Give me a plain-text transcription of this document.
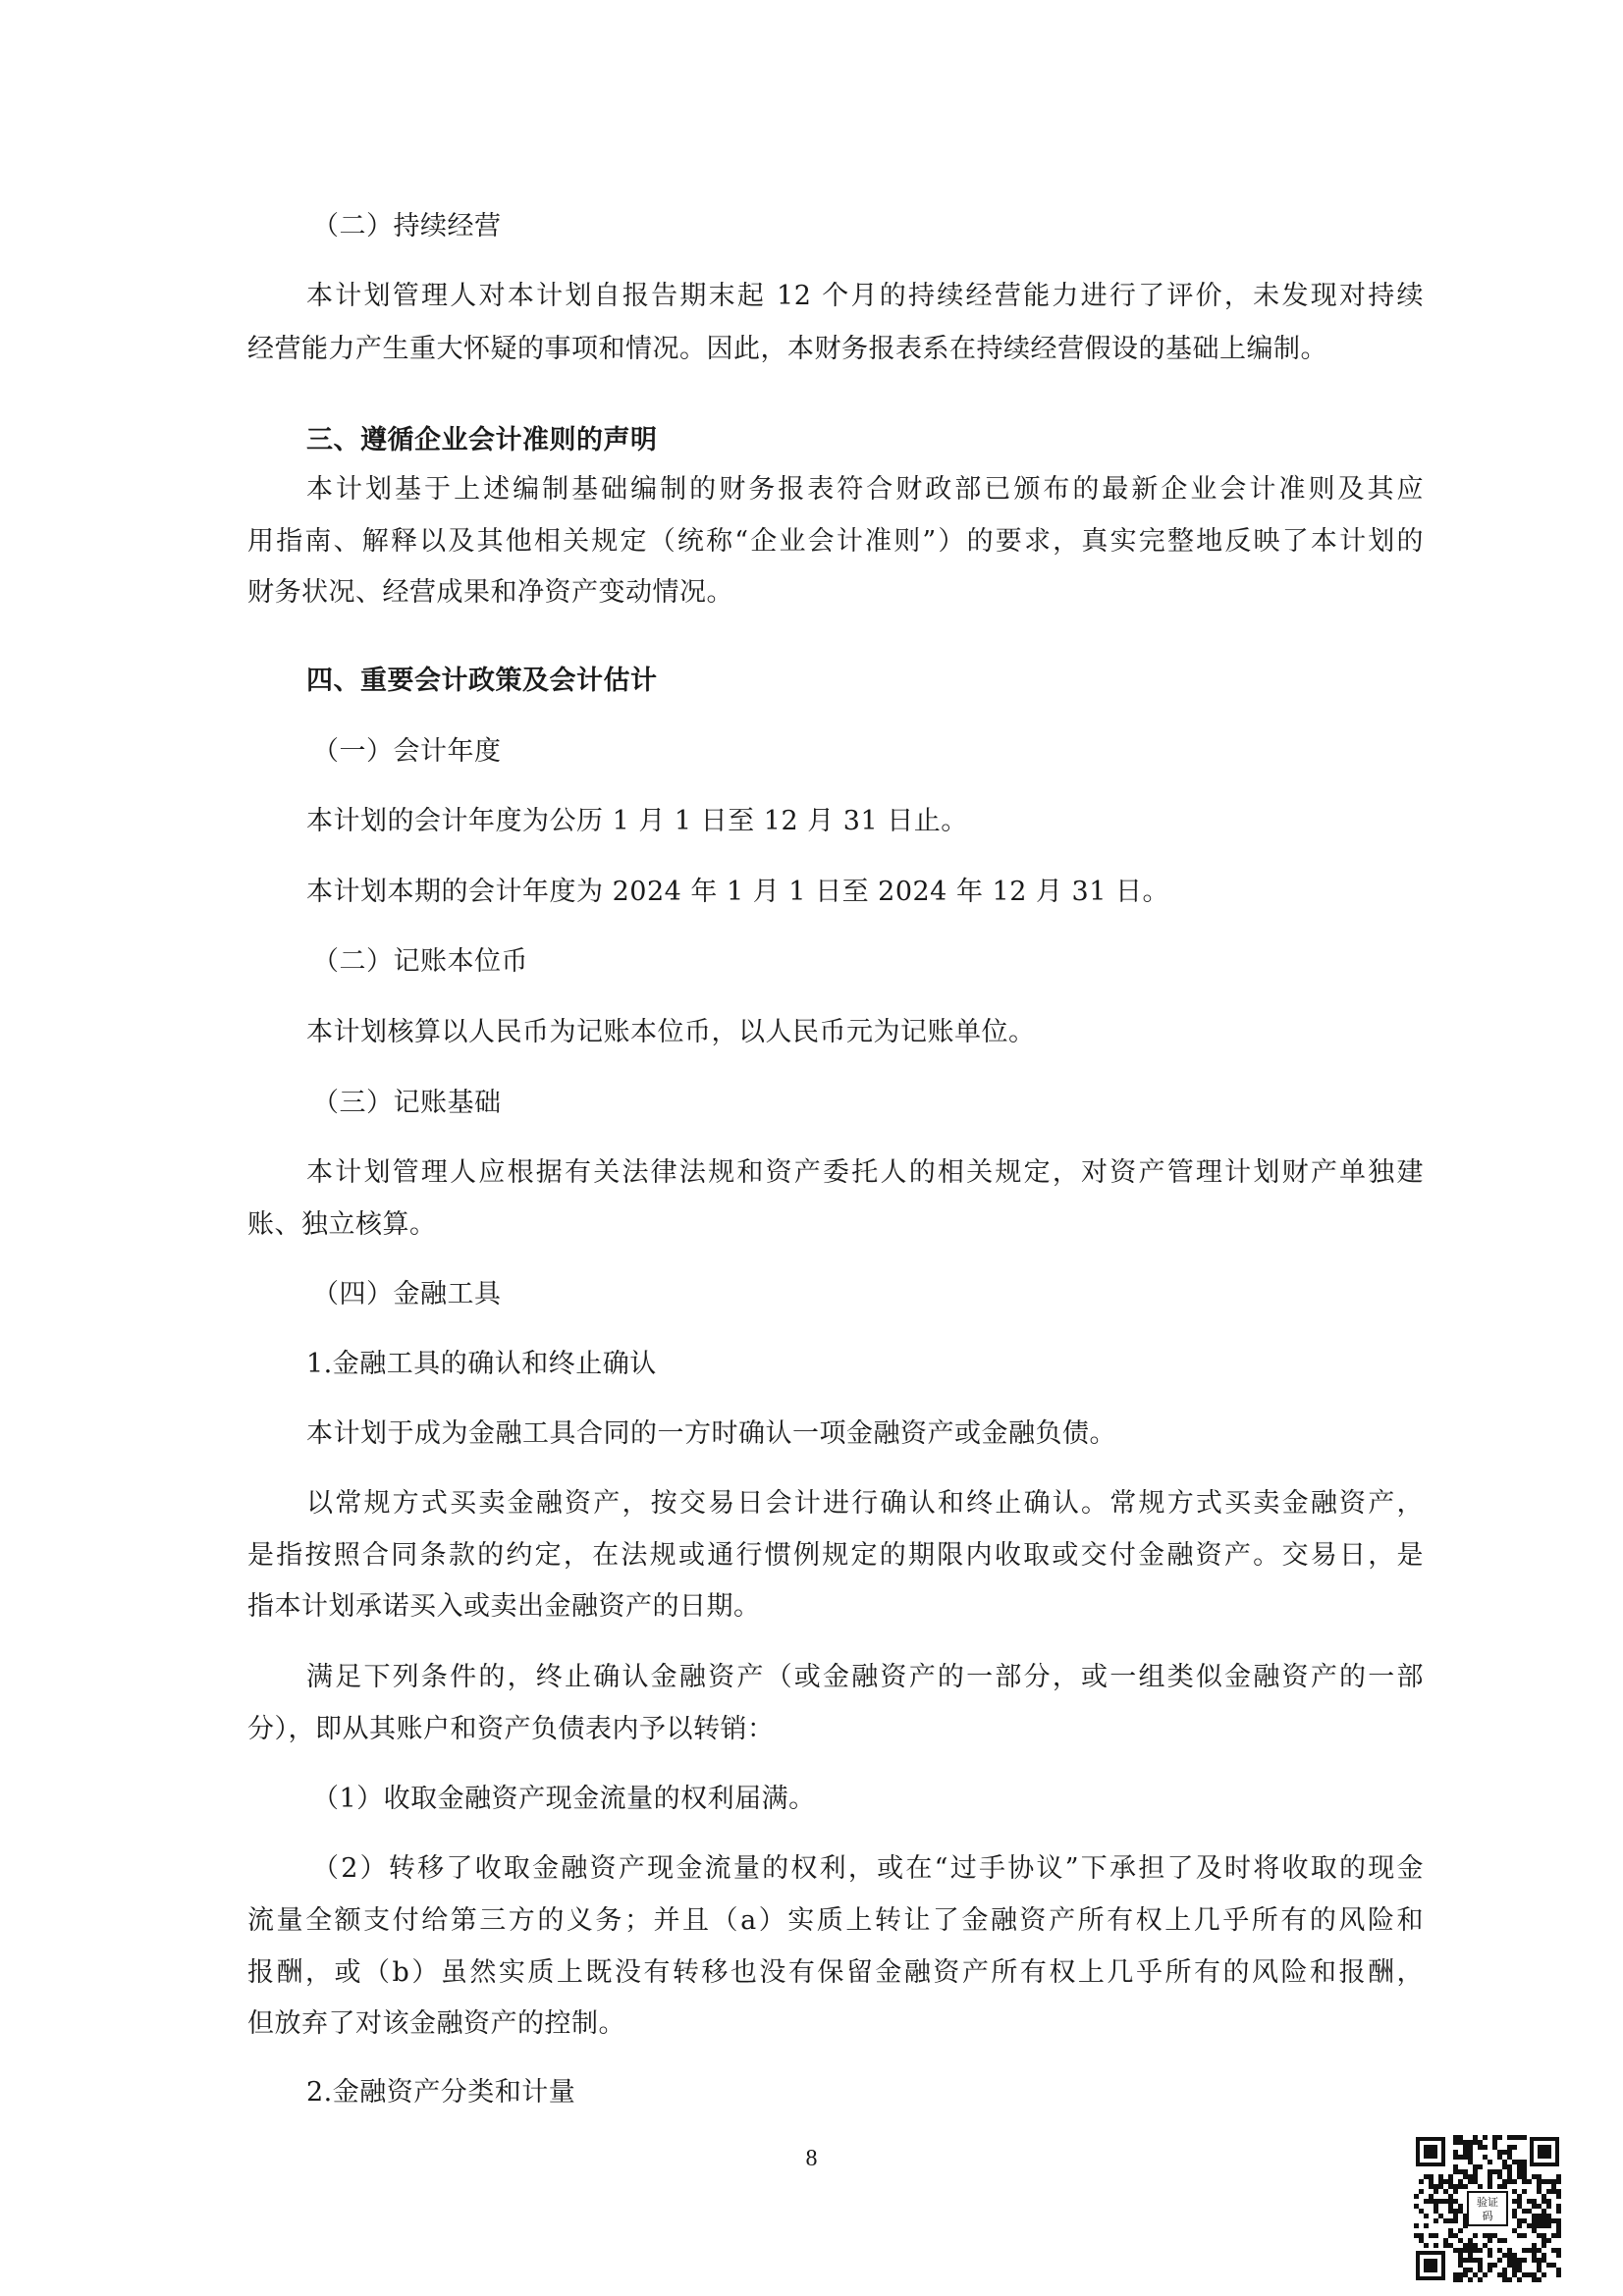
（二）持续经营
本计划管理人对本计划自报告期末起 12 个月的持续经营能力进行了评价，未发现对持续
经营能力产生重大怀疑的事项和情况。因此，本财务报表系在持续经营假设的基础上编制。
三、遵循企业会计准则的声明
本计划基于上述编制基础编制的财务报表符合财政部已颁布的最新企业会计准则及其应
用指南、解释以及其他相关规定（统称“企业会计准则”）的要求，真实完整地反映了本计划的
财务状况、经营成果和净资产变动情况。
四、重要会计政策及会计估计
（一）会计年度
本计划的会计年度为公历 1 月 1 日至 12 月 31 日止。
本计划本期的会计年度为 2024 年 1 月 1 日至 2024 年 12 月 31 日。
（二）记账本位币
本计划核算以人民币为记账本位币，以人民币元为记账单位。
（三）记账基础
本计划管理人应根据有关法律法规和资产委托人的相关规定，对资产管理计划财产单独建
账、独立核算。
（四）金融工具
1.金融工具的确认和终止确认
本计划于成为金融工具合同的一方时确认一项金融资产或金融负债。
以常规方式买卖金融资产，按交易日会计进行确认和终止确认。常规方式买卖金融资产，
是指按照合同条款的约定，在法规或通行惯例规定的期限内收取或交付金融资产。交易日，是
指本计划承诺买入或卖出金融资产的日期。
满足下列条件的，终止确认金融资产（或金融资产的一部分，或一组类似金融资产的一部
分），即从其账户和资产负债表内予以转销：
（1）收取金融资产现金流量的权利届满。
（2）转移了收取金融资产现金流量的权利，或在“过手协议”下承担了及时将收取的现金
流量全额支付给第三方的义务；并且（a）实质上转让了金融资产所有权上几乎所有的风险和
报酬，或（b）虽然实质上既没有转移也没有保留金融资产所有权上几乎所有的风险和报酬，
但放弃了对该金融资产的控制。
2.金融资产分类和计量
8
验证
码
